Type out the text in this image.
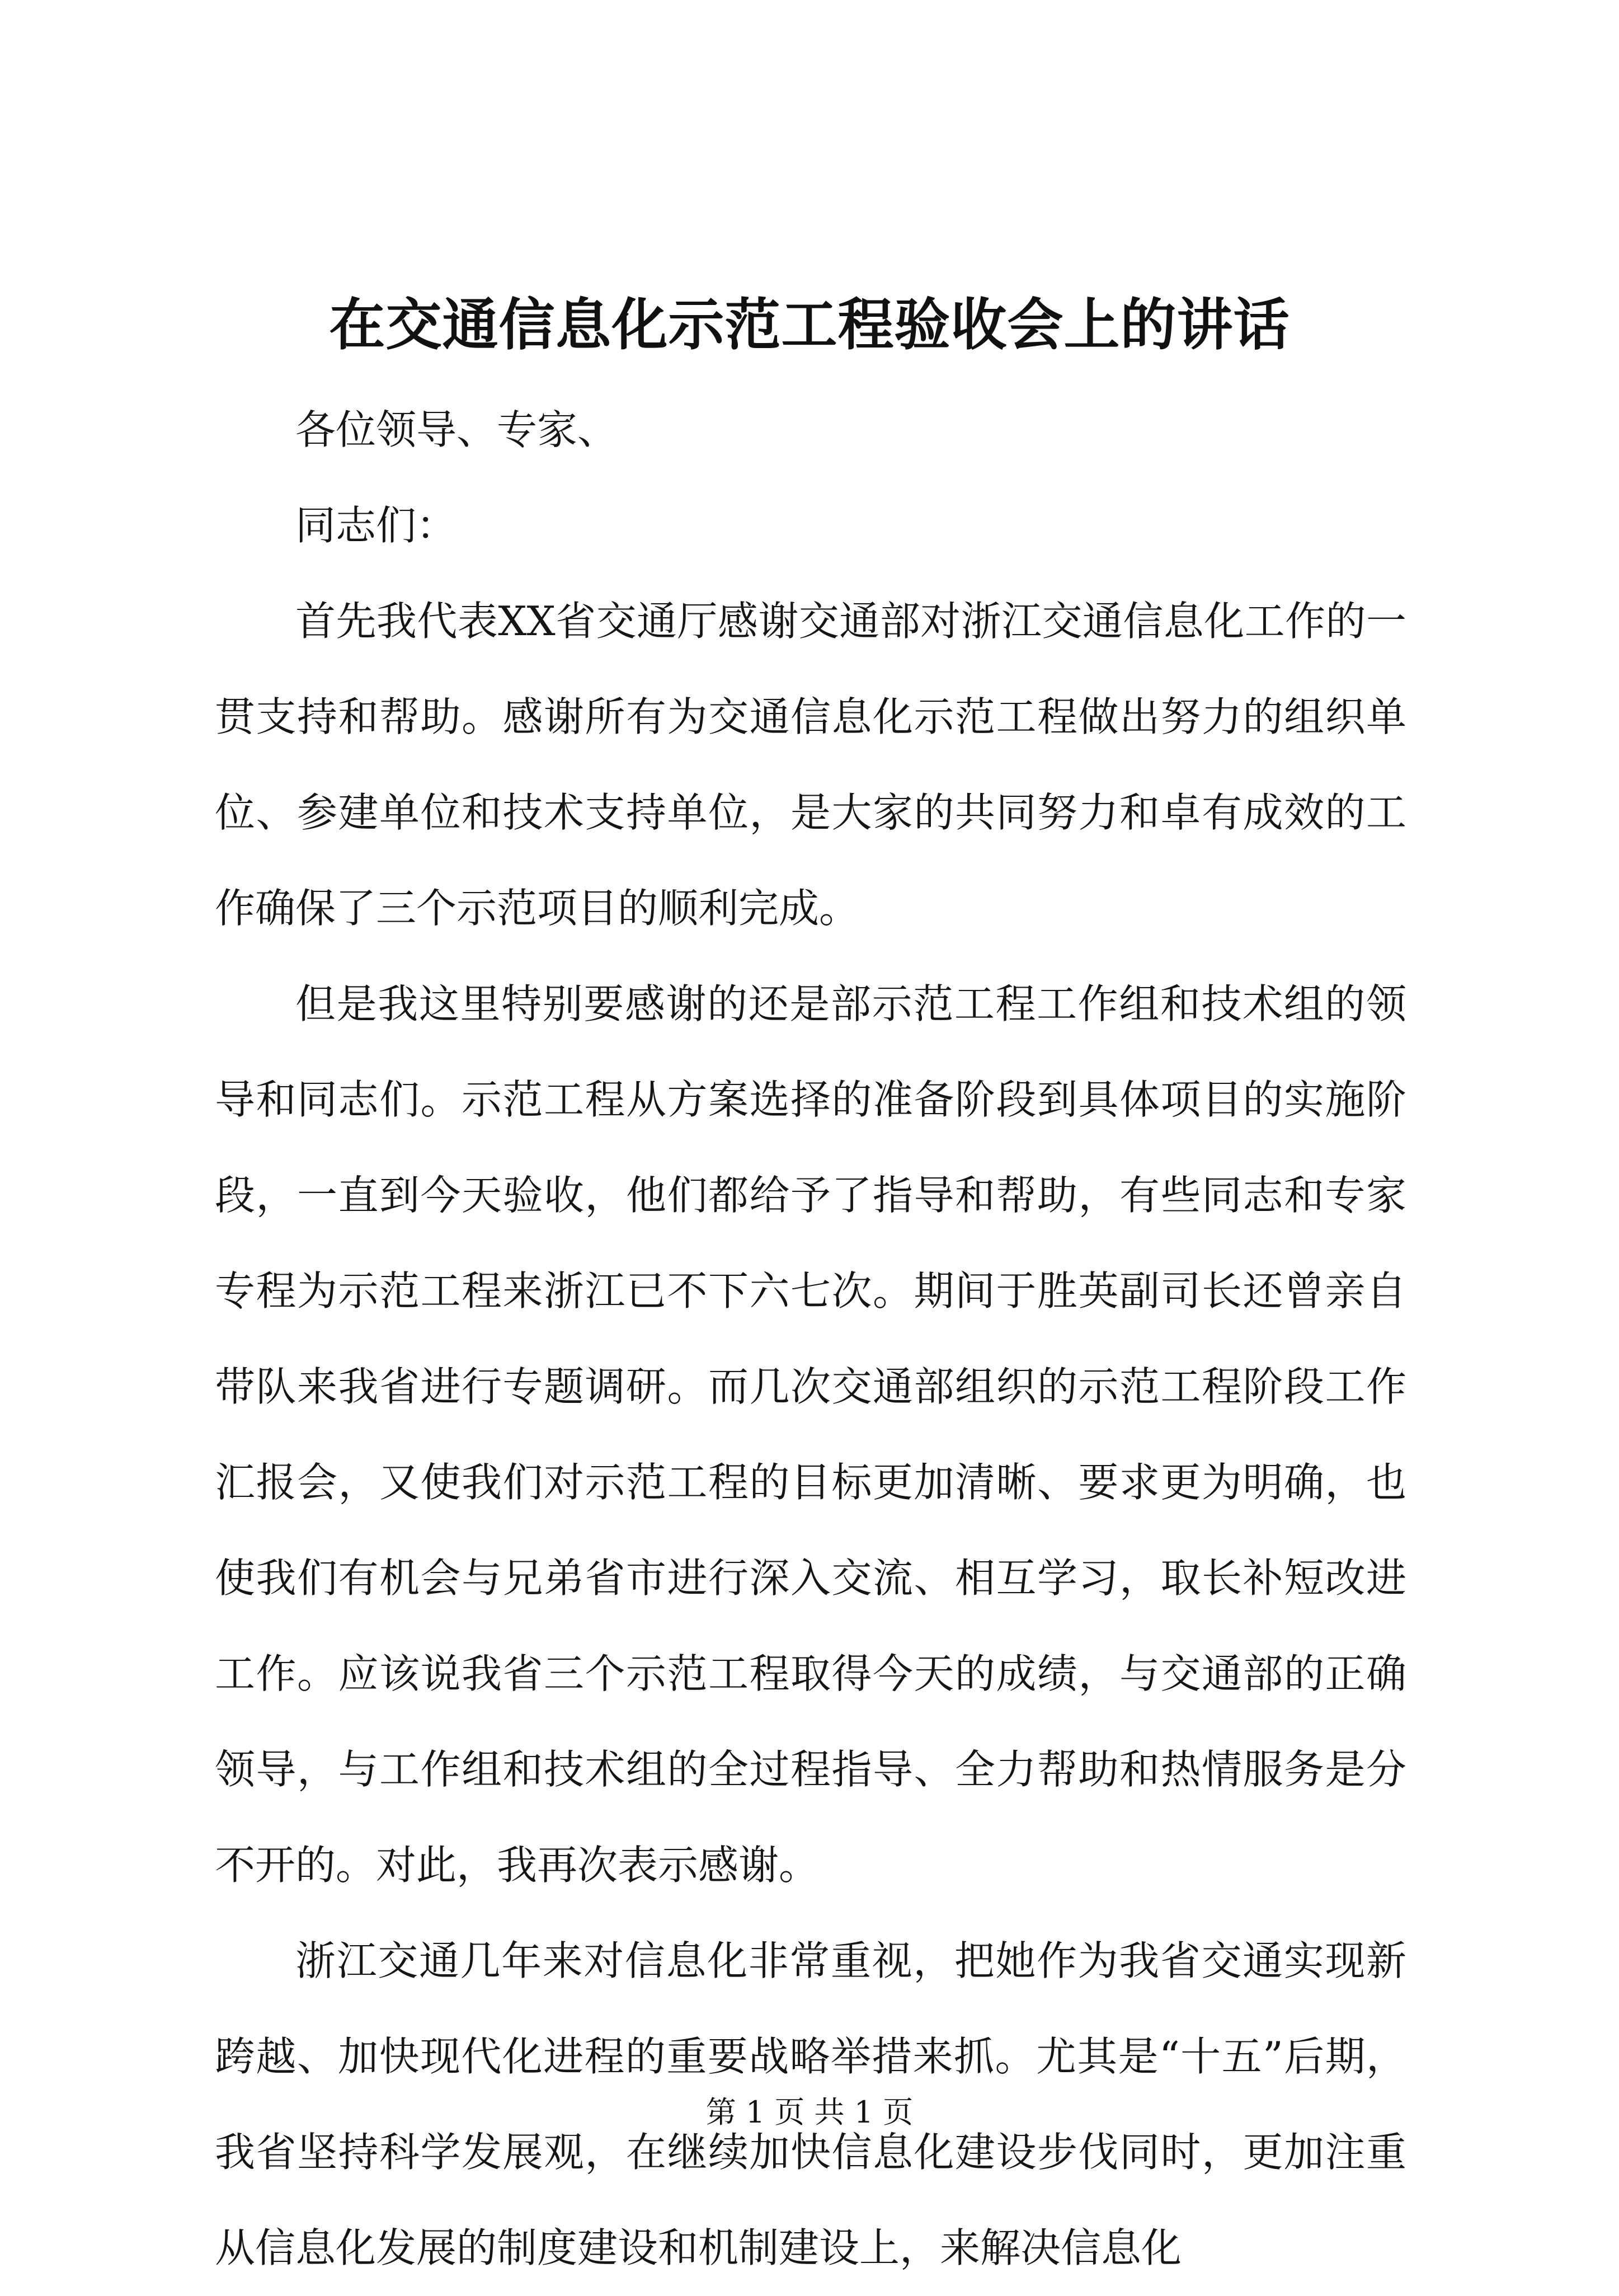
在交通信息化示范工程验收会上的讲话

各位领导、专家、

同志们：

首先我代表XX省交通厅感谢交通部对浙江交通信息化工作的一贯支持和帮助。感谢所有为交通信息化示范工程做出努力的组织单位、参建单位和技术支持单位，是大家的共同努力和卓有成效的工作确保了三个示范项目的顺利完成。

但是我这里特别要感谢的还是部示范工程工作组和技术组的领导和同志们。示范工程从方案选择的准备阶段到具体项目的实施阶段，一直到今天验收，他们都给予了指导和帮助，有些同志和专家专程为示范工程来浙江已不下六七次。期间于胜英副司长还曾亲自带队来我省进行专题调研。而几次交通部组织的示范工程阶段工作汇报会，又使我们对示范工程的目标更加清晰、要求更为明确，也使我们有机会与兄弟省市进行深入交流、相互学习，取长补短改进工作。应该说我省三个示范工程取得今天的成绩，与交通部的正确领导，与工作组和技术组的全过程指导、全力帮助和热情服务是分不开的。对此，我再次表示感谢。

浙江交通几年来对信息化非常重视，把她作为我省交通实现新跨越、加快现代化进程的重要战略举措来抓。尤其是“十五”后期，我省坚持科学发展观，在继续加快信息化建设步伐同时，更加注重从信息化发展的制度建设和机制建设上，来解决信息化

第 1 页 共 1 页
